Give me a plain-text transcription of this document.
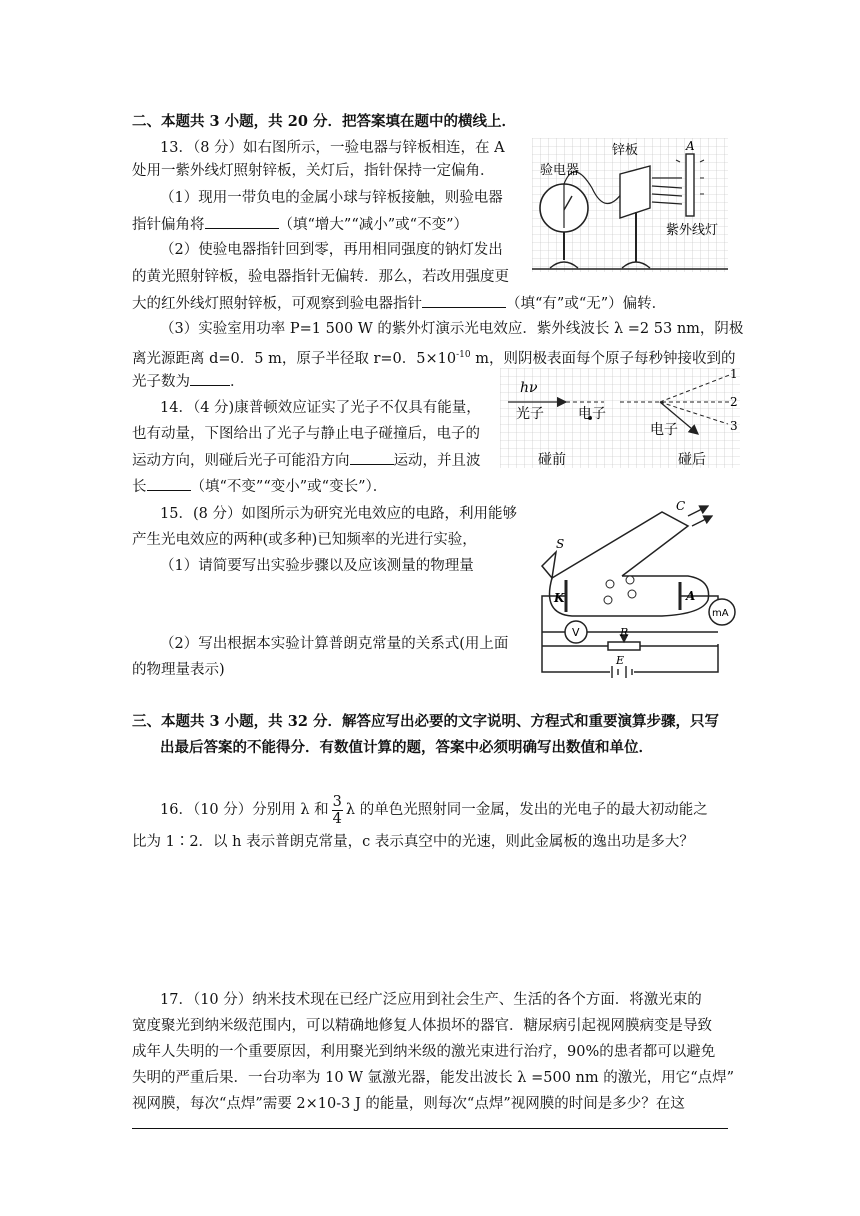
二、本题共 3 小题，共 20 分．把答案填在题中的横线上．
13．（8 分）如右图所示，一验电器与锌板相连，在 A
处用一紫外线灯照射锌板，关灯后，指针保持一定偏角．
（1）现用一带负电的金属小球与锌板接触，则验电器
指针偏角将	（填“增大”“减小”或“不变”）
（2）使验电器指针回到零，再用相同强度的钠灯发出
的黄光照射锌板，验电器指针无偏转．那么，若改用强度更
大的红外线灯照射锌板，可观察到验电器指针	（填“有”或“无”）偏转．
（3）实验室用功率 P=1 500 W 的紫外灯演示光电效应．紫外线波长 λ =2 53 nm，阴极
离光源距离 d=0．5 m，原子半径取 r=0．$5\times 10^{-10}$ m，则阴极表面每个原子每秒钟接收到的
光子数为	．
验电器
锌板	A
紫外线灯
14．（4 分)康普顿效应证实了光子不仅具有能量，
也有动量，下图给出了光子与静止电子碰撞后，电子的
运动方向，则碰后光子可能沿方向	运动，并且波
长	（填“不变”“变小”或“变长”）．
hν
光子 电子
电子
1
2
3
碰前	碰后
15．(8 分）如图所示为研究光电效应的电路，利用能够
产生光电效应的两种(或多种)已知频率的光进行实验，
（1）请简要写出实验步骤以及应该测量的物理量
（2）写出根据本实验计算普朗克常量的关系式(用上面
的物理量表示)
S
C
K	A
mA
V	R
E
三、本题共 3 小题，共 32 分．解答应写出必要的文字说明、方程式和重要演算步骤，只写
出最后答案的不能得分．有数值计算的题，答案中必须明确写出数值和单位．
16．（10 分）分别用 λ 和 $\frac{3}{4}$ λ 的单色光照射同一金属，发出的光电子的最大初动能之
比为 1∶2．以 h 表示普朗克常量，c 表示真空中的光速，则此金属板的逸出功是多大？
17．（10 分）纳米技术现在已经广泛应用到社会生产、生活的各个方面．将激光束的
宽度聚光到纳米级范围内，可以精确地修复人体损坏的器官．糖尿病引起视网膜病变是导致
成年人失明的一个重要原因，利用聚光到纳米级的激光束进行治疗，90%的患者都可以避免
失明的严重后果．一台功率为 10 W 氩激光器，能发出波长 λ =500 nm 的激光，用它“点焊”
视网膜，每次“点焊”需要 2×10-3 J 的能量，则每次“点焊”视网膜的时间是多少？在这
